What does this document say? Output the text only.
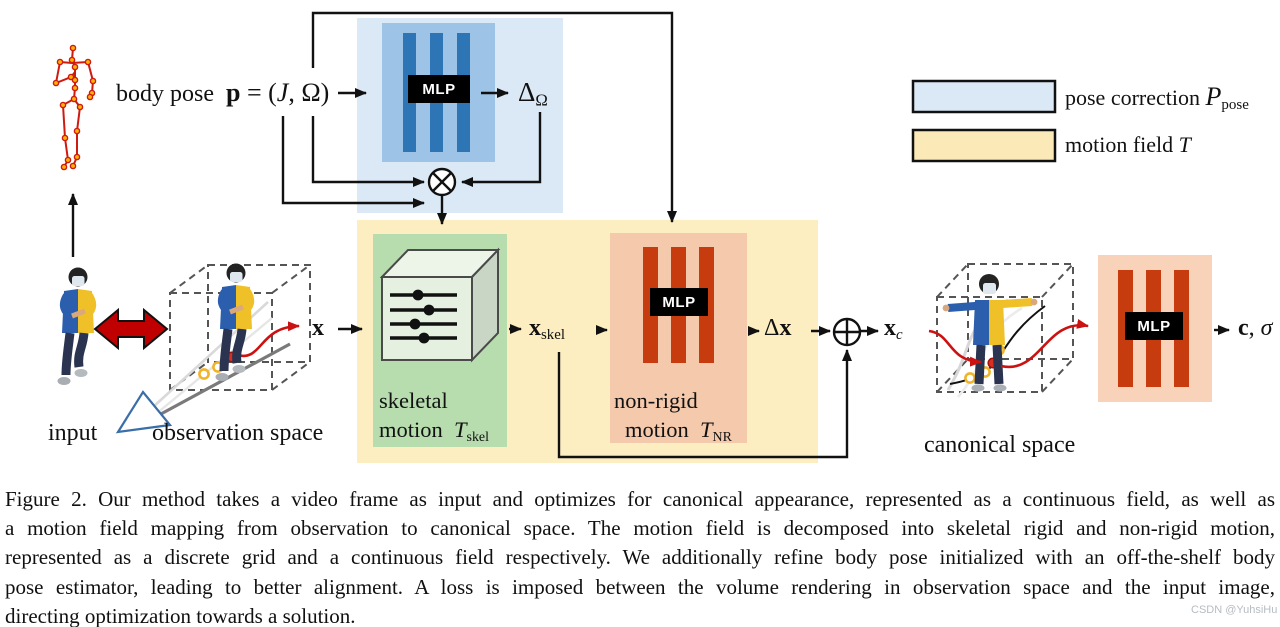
body pose p = (J, Ω)	MLP $\Delta_\Omega$
x	$x_{skel}$
skeletal
motion $T_{skel}$
MLP
non-rigid
motion $T_{NR}$
Δx	$x_c$
MLP	c, σ
input observation space	canonical space
pose correction $P_{pose}$
motion field T
Figure 2. Our method takes a video frame as input and optimizes for canonical appearance, represented as a continuous field, as well as
a motion field mapping from observation to canonical space. The motion field is decomposed into skeletal rigid and non-rigid motion,
represented as a discrete grid and a continuous field respectively. We additionally refine body pose initialized with an off-the-shelf body
pose estimator, leading to better alignment. A loss is imposed between the volume rendering in observation space and the input image,
directing optimization towards a solution.	CSDN @YuhsiHu
